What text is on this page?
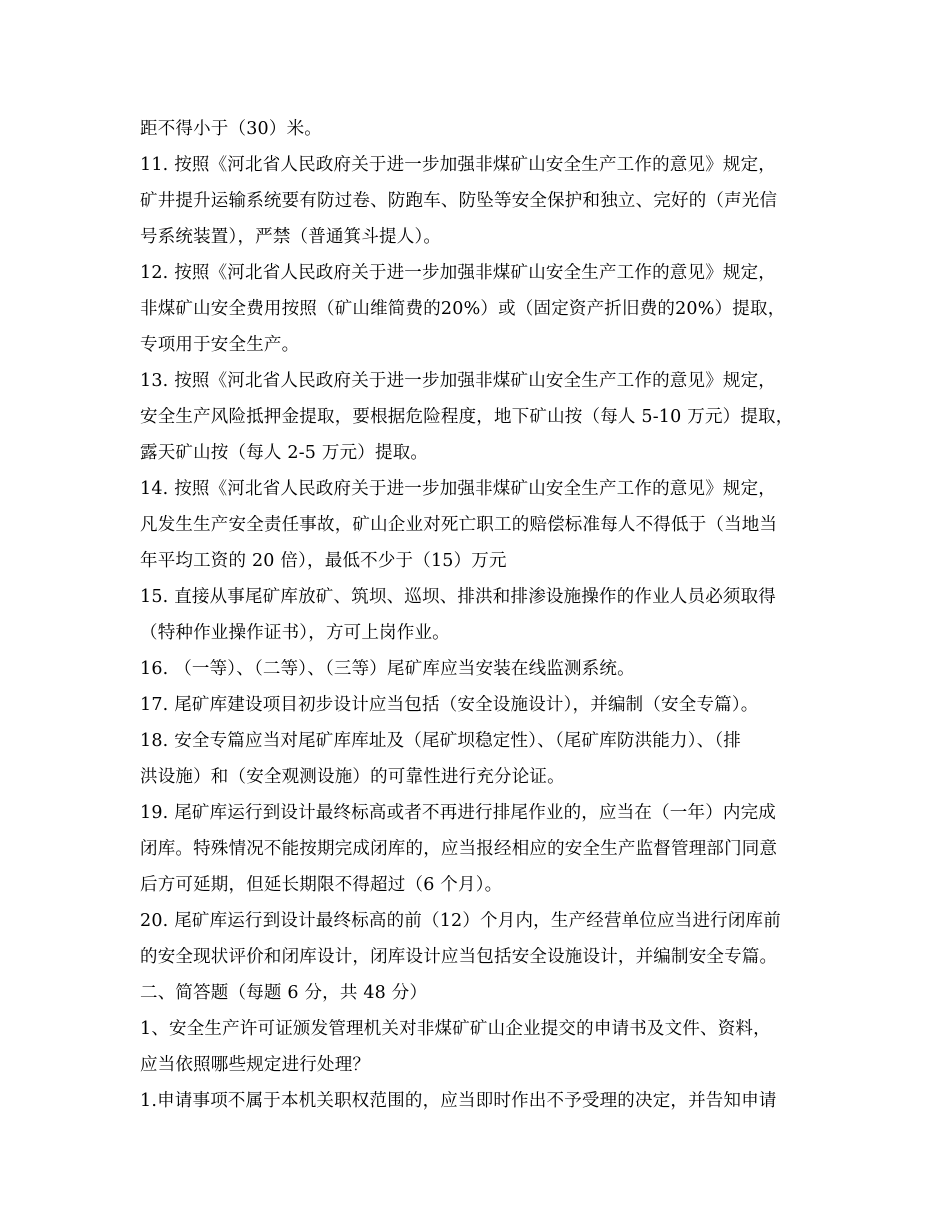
距不得小于（30）米。
11. 按照《河北省人民政府关于进一步加强非煤矿山安全生产工作的意见》规定，
矿井提升运输系统要有防过卷、防跑车、防坠等安全保护和独立、完好的（声光信
号系统装置），严禁（普通箕斗提人）。
12. 按照《河北省人民政府关于进一步加强非煤矿山安全生产工作的意见》规定，
非煤矿山安全费用按照（矿山维简费的20%）或（固定资产折旧费的20%）提取，
专项用于安全生产。
13. 按照《河北省人民政府关于进一步加强非煤矿山安全生产工作的意见》规定，
安全生产风险抵押金提取，要根据危险程度，地下矿山按（每人 5-10 万元）提取，
露天矿山按（每人 2-5 万元）提取。
14. 按照《河北省人民政府关于进一步加强非煤矿山安全生产工作的意见》规定，
凡发生生产安全责任事故，矿山企业对死亡职工的赔偿标准每人不得低于（当地当
年平均工资的 20 倍），最低不少于（15）万元
15. 直接从事尾矿库放矿、筑坝、巡坝、排洪和排渗设施操作的作业人员必须取得
（特种作业操作证书），方可上岗作业。
16. （一等）、（二等）、（三等）尾矿库应当安装在线监测系统。
17. 尾矿库建设项目初步设计应当包括（安全设施设计），并编制（安全专篇）。
18. 安全专篇应当对尾矿库库址及（尾矿坝稳定性）、（尾矿库防洪能力）、（排
洪设施）和（安全观测设施）的可靠性进行充分论证。
19. 尾矿库运行到设计最终标高或者不再进行排尾作业的，应当在（一年）内完成
闭库。特殊情况不能按期完成闭库的，应当报经相应的安全生产监督管理部门同意
后方可延期，但延长期限不得超过（6 个月）。
20. 尾矿库运行到设计最终标高的前（12）个月内，生产经营单位应当进行闭库前
的安全现状评价和闭库设计，闭库设计应当包括安全设施设计，并编制安全专篇。
二、简答题（每题 6 分，共 48 分）
1、安全生产许可证颁发管理机关对非煤矿矿山企业提交的申请书及文件、资料，
应当依照哪些规定进行处理？
1.申请事项不属于本机关职权范围的，应当即时作出不予受理的决定，并告知申请
